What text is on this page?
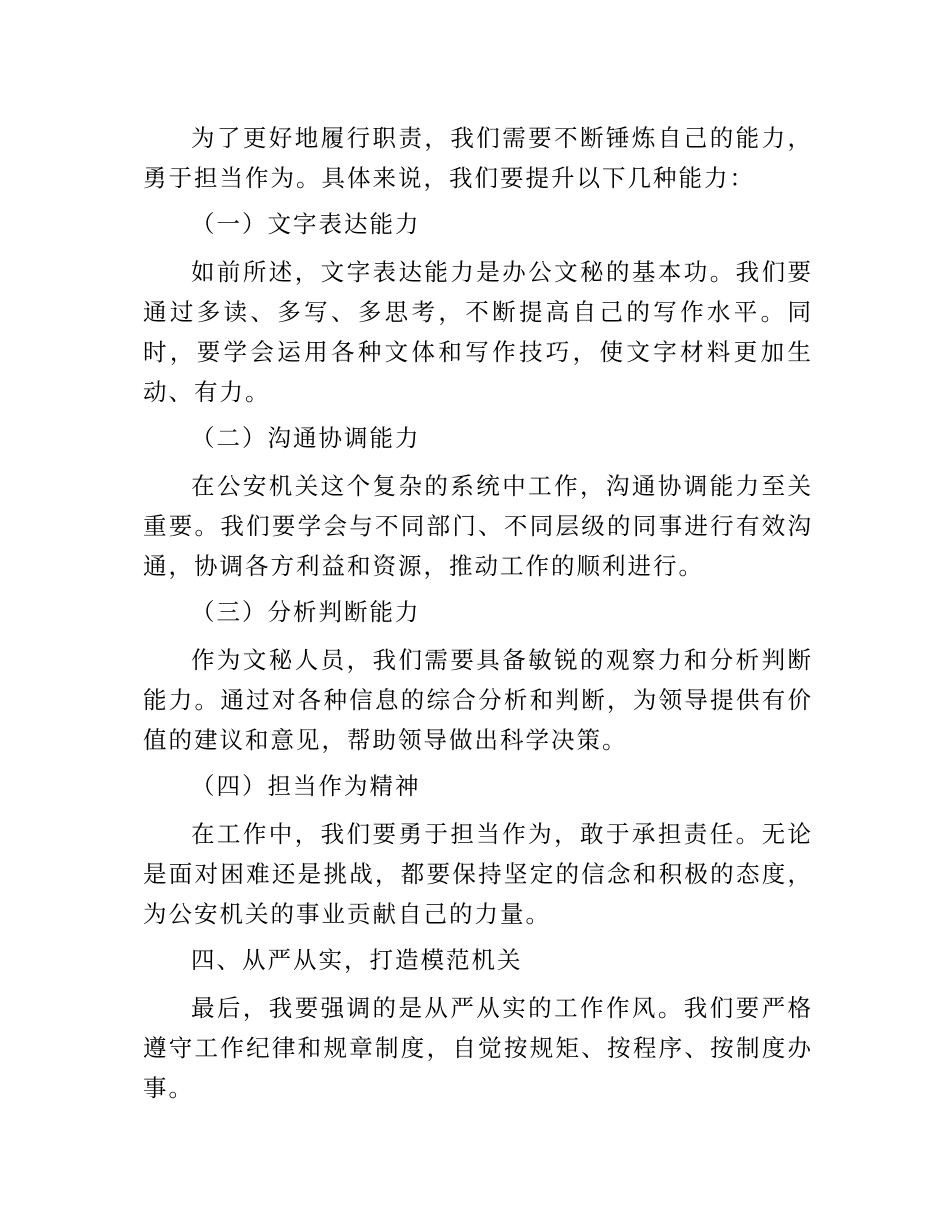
为了更好地履行职责，我们需要不断锤炼自己的能力，勇于担当作为。具体来说，我们要提升以下几种能力：

（一）文字表达能力

如前所述，文字表达能力是办公文秘的基本功。我们要通过多读、多写、多思考，不断提高自己的写作水平。同时，要学会运用各种文体和写作技巧，使文字材料更加生动、有力。

（二）沟通协调能力

在公安机关这个复杂的系统中工作，沟通协调能力至关重要。我们要学会与不同部门、不同层级的同事进行有效沟通，协调各方利益和资源，推动工作的顺利进行。

（三）分析判断能力

作为文秘人员，我们需要具备敏锐的观察力和分析判断能力。通过对各种信息的综合分析和判断，为领导提供有价值的建议和意见，帮助领导做出科学决策。

（四）担当作为精神

在工作中，我们要勇于担当作为，敢于承担责任。无论是面对困难还是挑战，都要保持坚定的信念和积极的态度，为公安机关的事业贡献自己的力量。

四、从严从实，打造模范机关

最后，我要强调的是从严从实的工作作风。我们要严格遵守工作纪律和规章制度，自觉按规矩、按程序、按制度办事。
